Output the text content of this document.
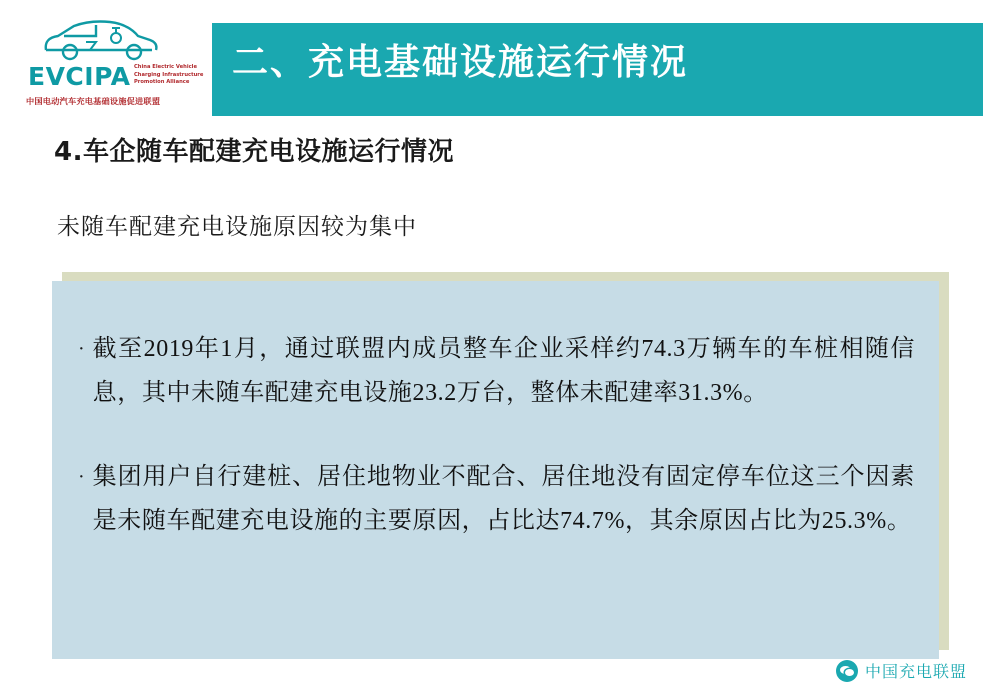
二、充电基础设施运行情况
EVCIPA China Electric Vehicle Charging Infrastructure Promotion Alliance
中国电动汽车充电基础设施促进联盟
4.车企随车配建充电设施运行情况
未随车配建充电设施原因较为集中
· 截至2019年1月，通过联盟内成员整车企业采样约74.3万辆车的车桩相随信息，其中未随车配建充电设施23.2万台，整体未配建率31.3%。
· 集团用户自行建桩、居住地物业不配合、居住地没有固定停车位这三个因素是未随车配建充电设施的主要原因，占比达74.7%，其余原因占比为25.3%。
中国充电联盟
